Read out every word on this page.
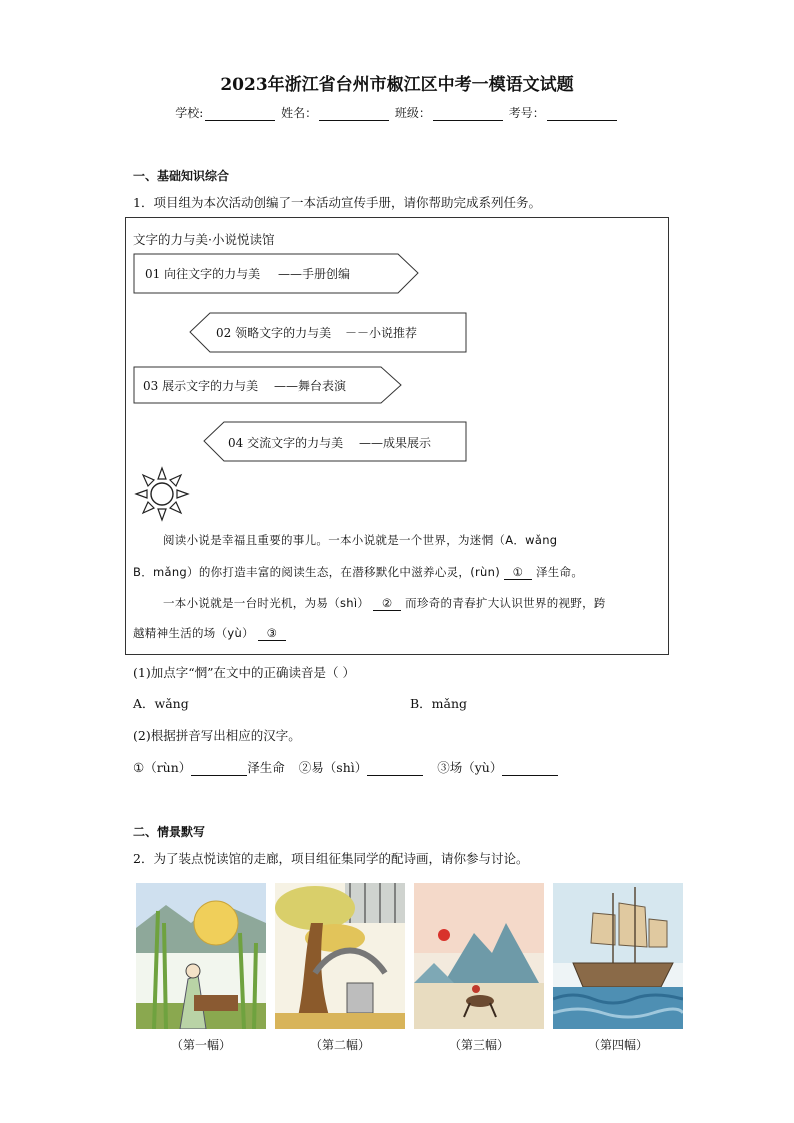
2023年浙江省台州市椒江区中考一模语文试题
学校:	姓名：	班级：	考号：
一、基础知识综合
1．项目组为本次活动创编了一本活动宣传手册，请你帮助完成系列任务。
文字的力与美·小说悦读馆
01 向往文字的力与美 ——手册创编
02 领略文字的力与美 －－小说推荐
03 展示文字的力与美 ——舞台表演
04 交流文字的力与美 ——成果展示
阅读小说是幸福且重要的事儿。一本小说就是一个世界，为迷惘（A．wǎng
B．mǎng）的你打造丰富的阅读生态，在潜移默化中滋养心灵，(rùn) ① 泽生命。
一本小说就是一台时光机，为易（shì） ② 而珍奇的青春扩大认识世界的视野，跨
越精神生活的场（yù） ③
(1)加点字“惘”在文中的正确读音是（ ）
A．wǎng	B．mǎng
(2)根据拼音写出相应的汉字。
①（rùn）	泽生命 ②易（shì）	③场（yù）
二、情景默写
2．为了装点悦读馆的走廊，项目组征集同学的配诗画，请你参与讨论。
（第一幅）	（第二幅）	（第三幅）	（第四幅）
